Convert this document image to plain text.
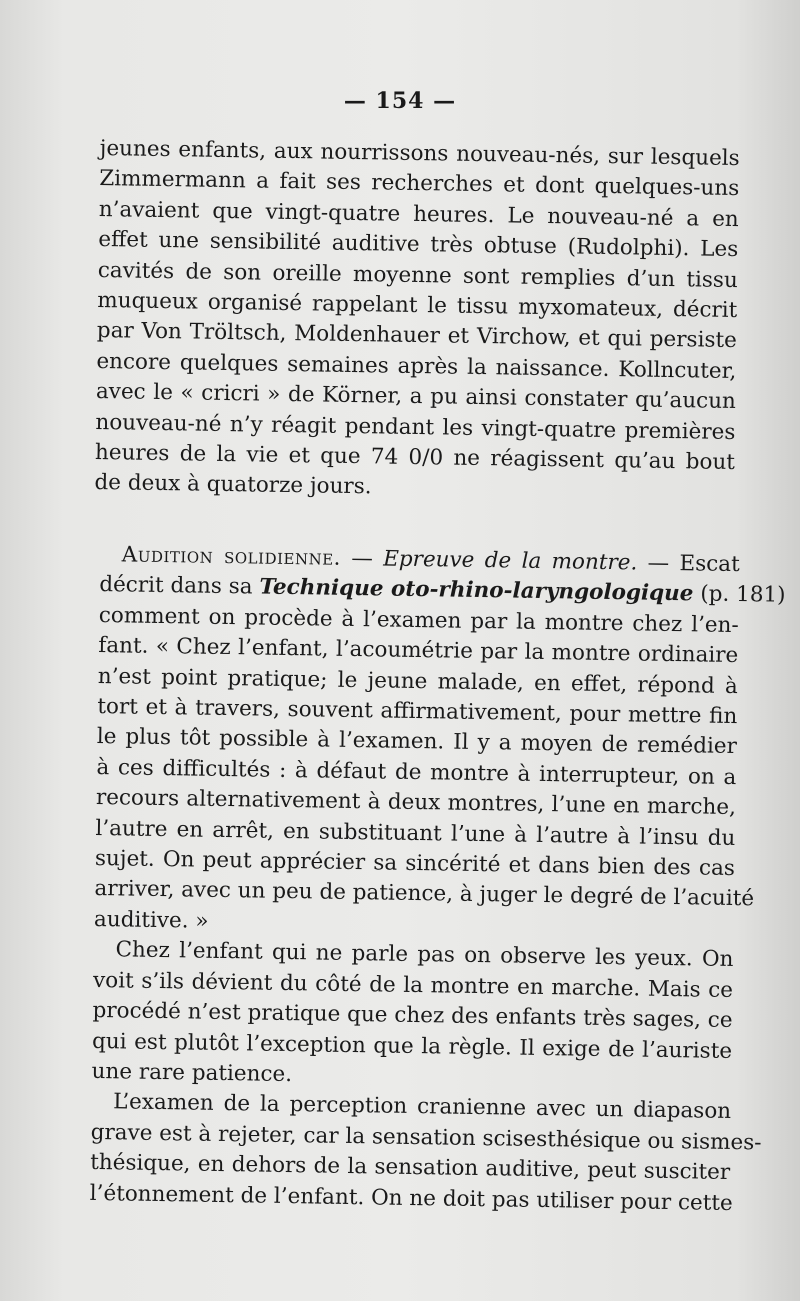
— 154 —
jeunes enfants, aux nourrissons nouveau-nés, sur lesquels
Zimmermann a fait ses recherches et dont quelques-uns
n’avaient que vingt-quatre heures. Le nouveau-né a en
effet une sensibilité auditive très obtuse (Rudolphi). Les
cavités de son oreille moyenne sont remplies d’un tissu
muqueux organisé rappelant le tissu myxomateux, décrit
par Von Tröltsch, Moldenhauer et Virchow, et qui persiste
encore quelques semaines après la naissance. Kollncuter,
avec le « cricri » de Körner, a pu ainsi constater qu’aucun
nouveau-né n’y réagit pendant les vingt-quatre premières
heures de la vie et que 74 0/0 ne réagissent qu’au bout
de deux à quatorze jours.
Audition solidienne. — Epreuve de la montre. — Escat
décrit dans sa Technique oto-rhino-laryngologique (p. 181)
comment on procède à l’examen par la montre chez l’en-
fant. « Chez l’enfant, l’acoumétrie par la montre ordinaire
n’est point pratique; le jeune malade, en effet, répond à
tort et à travers, souvent affirmativement, pour mettre fin
le plus tôt possible à l’examen. Il y a moyen de remédier
à ces difficultés : à défaut de montre à interrupteur, on a
recours alternativement à deux montres, l’une en marche,
l’autre en arrêt, en substituant l’une à l’autre à l’insu du
sujet. On peut apprécier sa sincérité et dans bien des cas
arriver, avec un peu de patience, à juger le degré de l’acuité
auditive. »
Chez l’enfant qui ne parle pas on observe les yeux. On
voit s’ils dévient du côté de la montre en marche. Mais ce
procédé n’est pratique que chez des enfants très sages, ce
qui est plutôt l’exception que la règle. Il exige de l’auriste
une rare patience.
L’examen de la perception cranienne avec un diapason
grave est à rejeter, car la sensation scisesthésique ou sismes-
thésique, en dehors de la sensation auditive, peut susciter
l’étonnement de l’enfant. On ne doit pas utiliser pour cette
